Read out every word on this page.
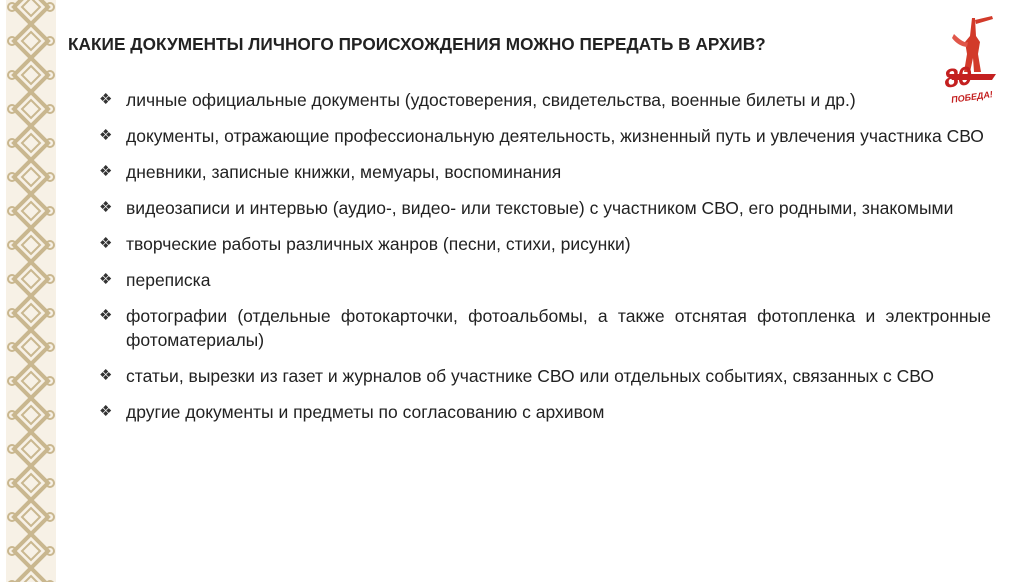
КАКИЕ ДОКУМЕНТЫ ЛИЧНОГО ПРОИСХОЖДЕНИЯ МОЖНО ПЕРЕДАТЬ В АРХИВ?
80
ПОБЕДА!
❖ личные официальные документы (удостоверения, свидетельства, военные билеты и др.)
❖ документы, отражающие профессиональную деятельность, жизненный путь и увлечения участника СВО
❖ дневники, записные книжки, мемуары, воспоминания
❖ видеозаписи и интервью (аудио-, видео- или текстовые) с участником СВО, его родными, знакомыми
❖ творческие работы различных жанров (песни, стихи, рисунки)
❖ переписка
❖ фотографии (отдельные фотокарточки, фотоальбомы, а также отснятая фотопленка и электронные фотоматериалы)
❖ статьи, вырезки из газет и журналов об участнике СВО или отдельных событиях, связанных с СВО
❖ другие документы и предметы по согласованию с архивом
